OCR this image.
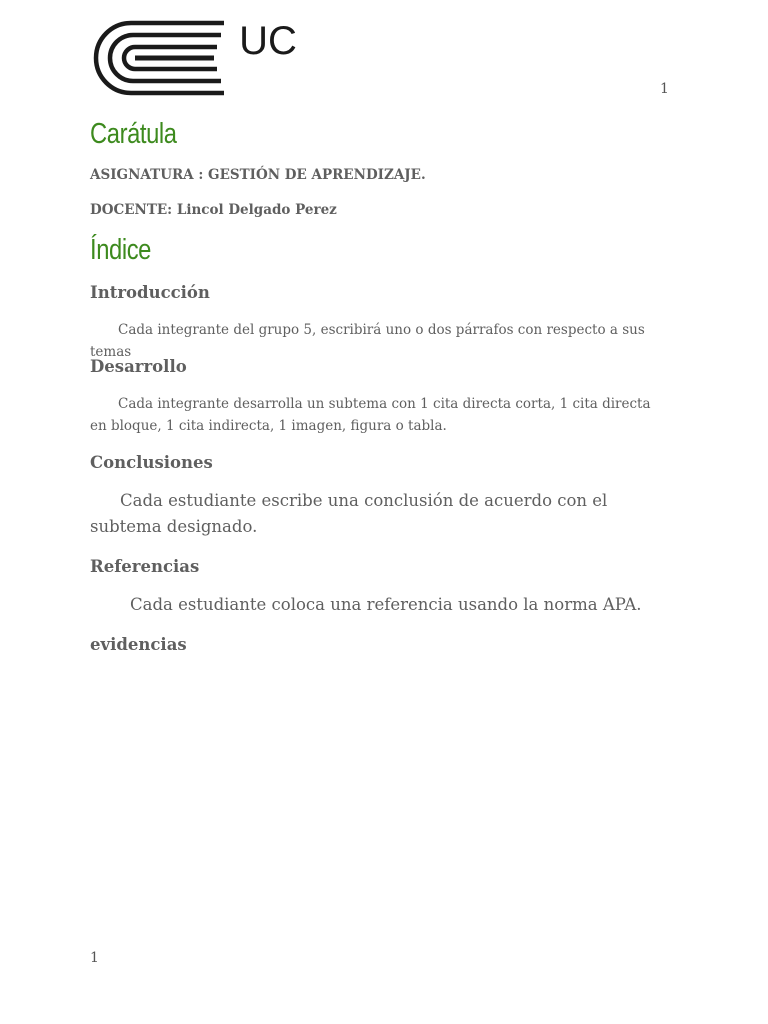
UC
1
Carátula

ASIGNATURA : GESTIÓN DE APRENDIZAJE.

DOCENTE: Lincol Delgado Perez

Índice
Introducción

Cada integrante del grupo 5, escribirá uno o dos párrafos con respecto a sus temas

Desarrollo

Cada integrante desarrolla un subtema con 1 cita directa corta, 1 cita directa en bloque, 1 cita indirecta, 1 imagen, figura o tabla.

Conclusiones

Cada estudiante escribe una conclusión de acuerdo con el subtema designado.

Referencias

Cada estudiante coloca una referencia usando la norma APA.

evidencias
1
